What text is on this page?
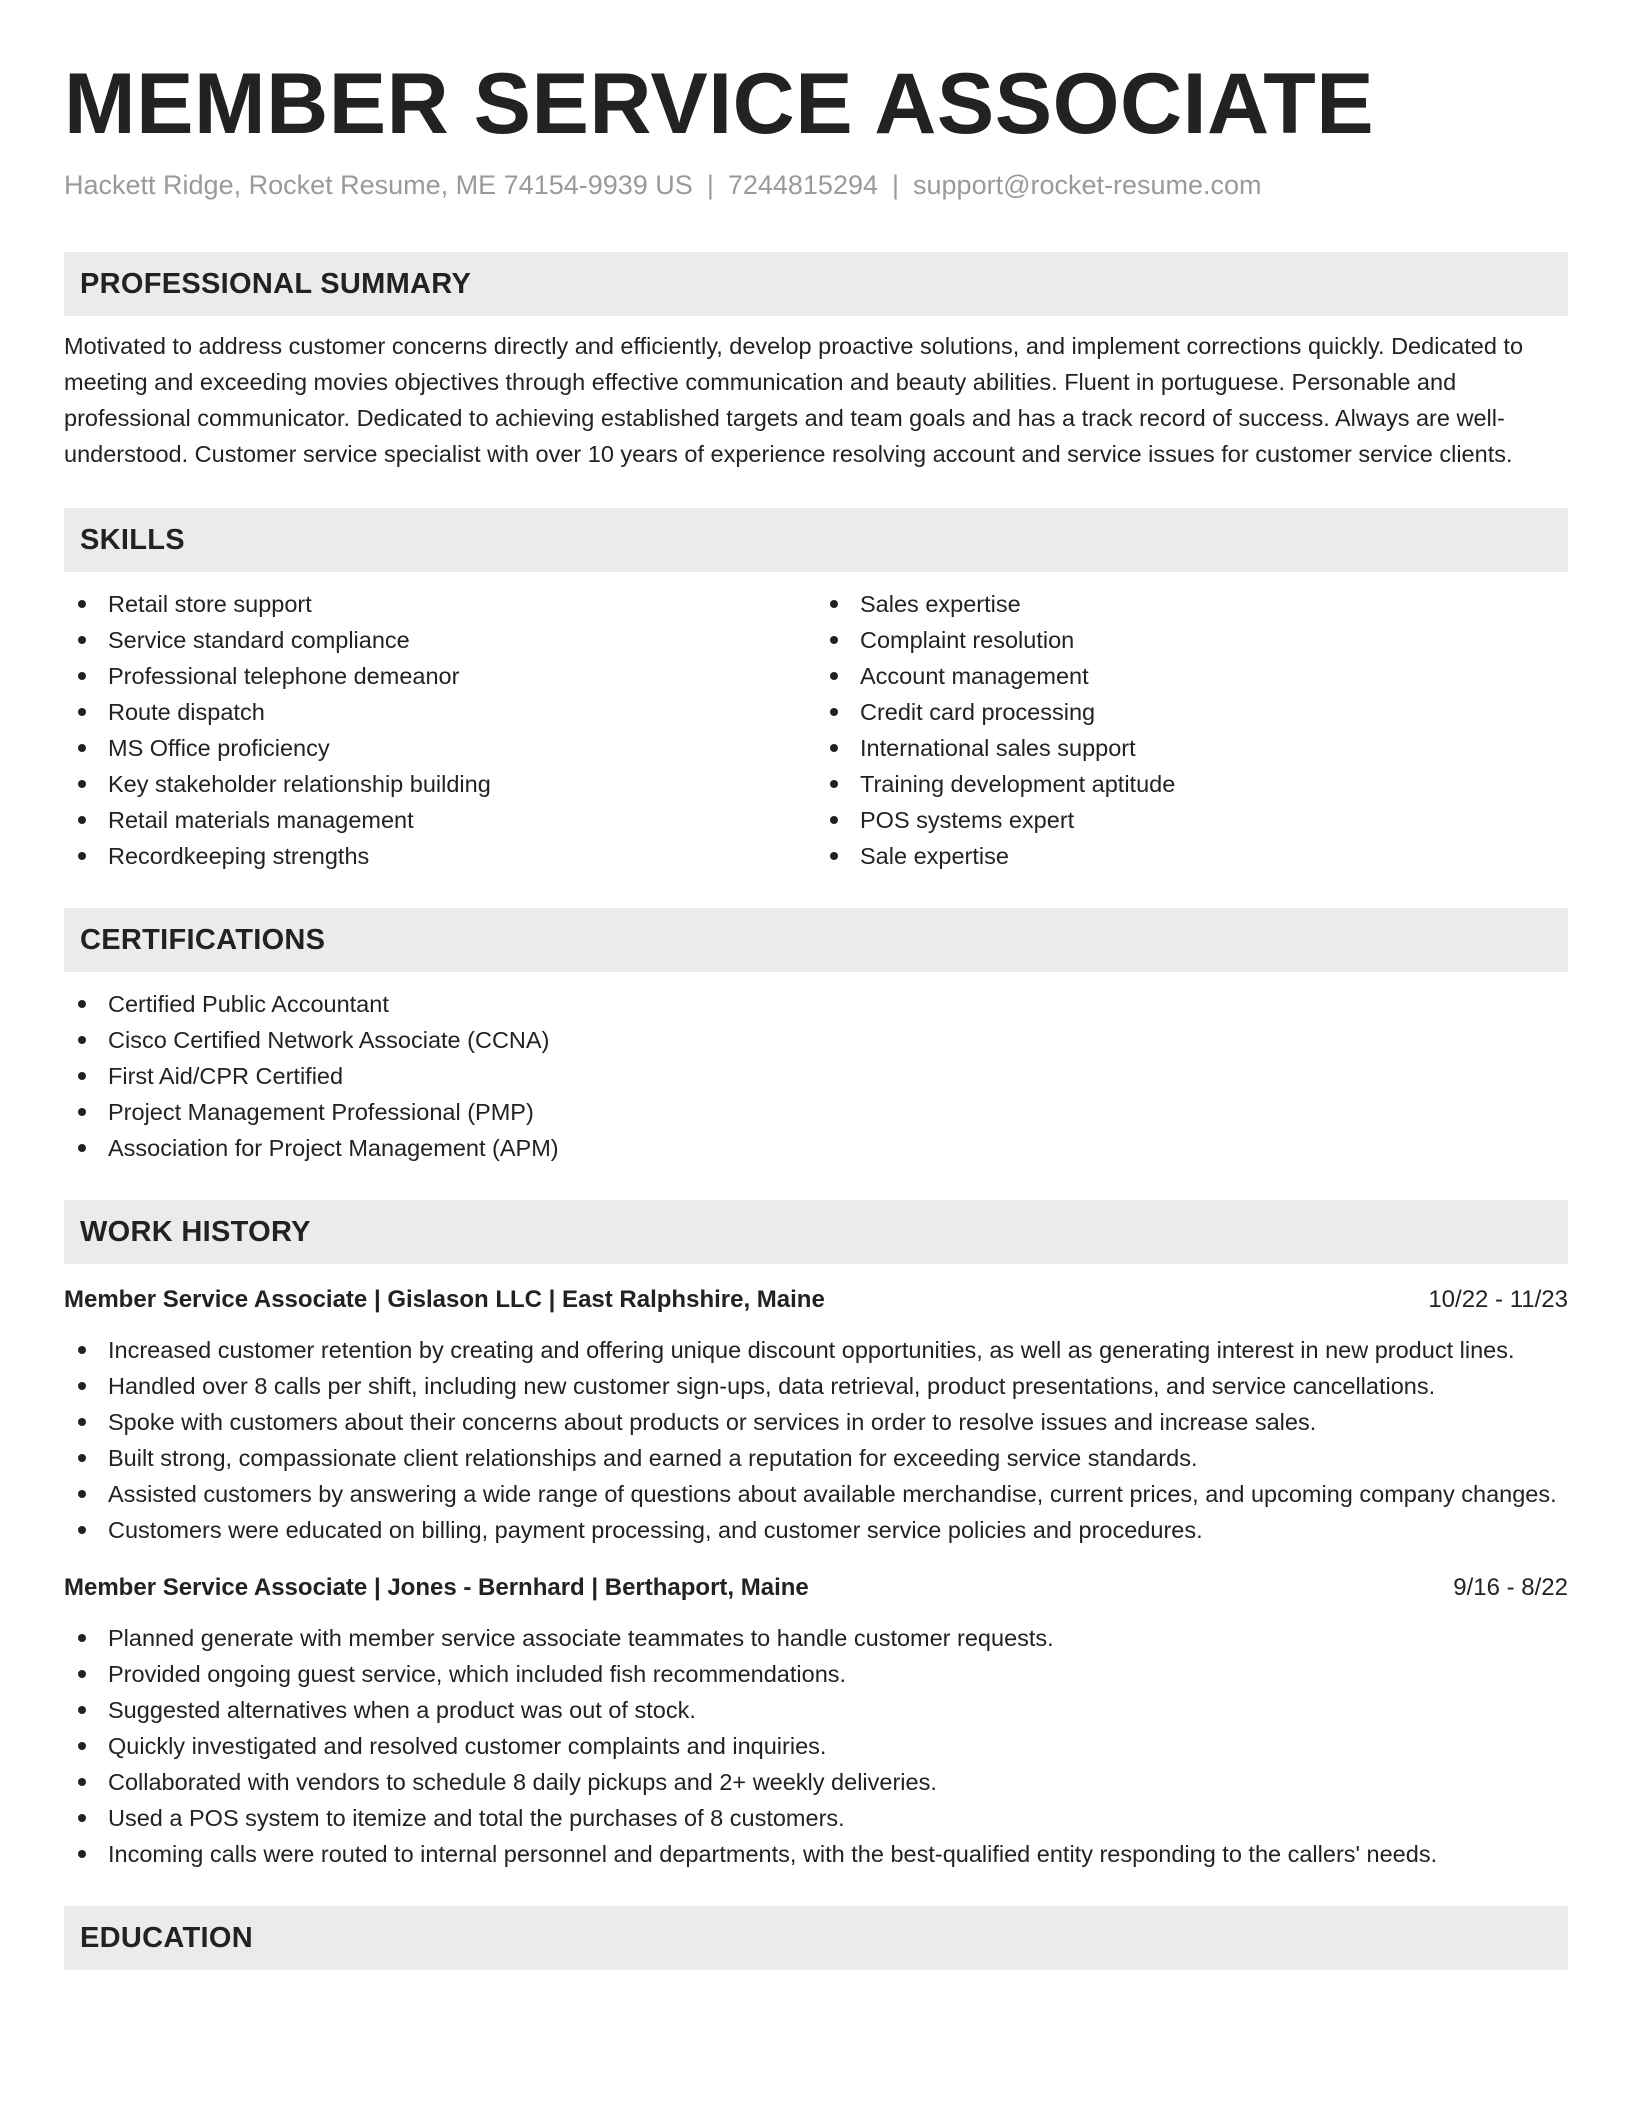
MEMBER SERVICE ASSOCIATE
Hackett Ridge, Rocket Resume, ME 74154-9939 US | 7244815294 | support@rocket-resume.com
PROFESSIONAL SUMMARY
Motivated to address customer concerns directly and efficiently, develop proactive solutions, and implement corrections quickly. Dedicated to meeting and exceeding movies objectives through effective communication and beauty abilities. Fluent in portuguese. Personable and professional communicator. Dedicated to achieving established targets and team goals and has a track record of success. Always are well-understood. Customer service specialist with over 10 years of experience resolving account and service issues for customer service clients.
SKILLS
Retail store support
Service standard compliance
Professional telephone demeanor
Route dispatch
MS Office proficiency
Key stakeholder relationship building
Retail materials management
Recordkeeping strengths
Sales expertise
Complaint resolution
Account management
Credit card processing
International sales support
Training development aptitude
POS systems expert
Sale expertise
CERTIFICATIONS
Certified Public Accountant
Cisco Certified Network Associate (CCNA)
First Aid/CPR Certified
Project Management Professional (PMP)
Association for Project Management (APM)
WORK HISTORY
Member Service Associate | Gislason LLC | East Ralphshire, Maine	10/22 - 11/23
Increased customer retention by creating and offering unique discount opportunities, as well as generating interest in new product lines.
Handled over 8 calls per shift, including new customer sign-ups, data retrieval, product presentations, and service cancellations.
Spoke with customers about their concerns about products or services in order to resolve issues and increase sales.
Built strong, compassionate client relationships and earned a reputation for exceeding service standards.
Assisted customers by answering a wide range of questions about available merchandise, current prices, and upcoming company changes.
Customers were educated on billing, payment processing, and customer service policies and procedures.
Member Service Associate | Jones - Bernhard | Berthaport, Maine	9/16 - 8/22
Planned generate with member service associate teammates to handle customer requests.
Provided ongoing guest service, which included fish recommendations.
Suggested alternatives when a product was out of stock.
Quickly investigated and resolved customer complaints and inquiries.
Collaborated with vendors to schedule 8 daily pickups and 2+ weekly deliveries.
Used a POS system to itemize and total the purchases of 8 customers.
Incoming calls were routed to internal personnel and departments, with the best-qualified entity responding to the callers' needs.
EDUCATION
